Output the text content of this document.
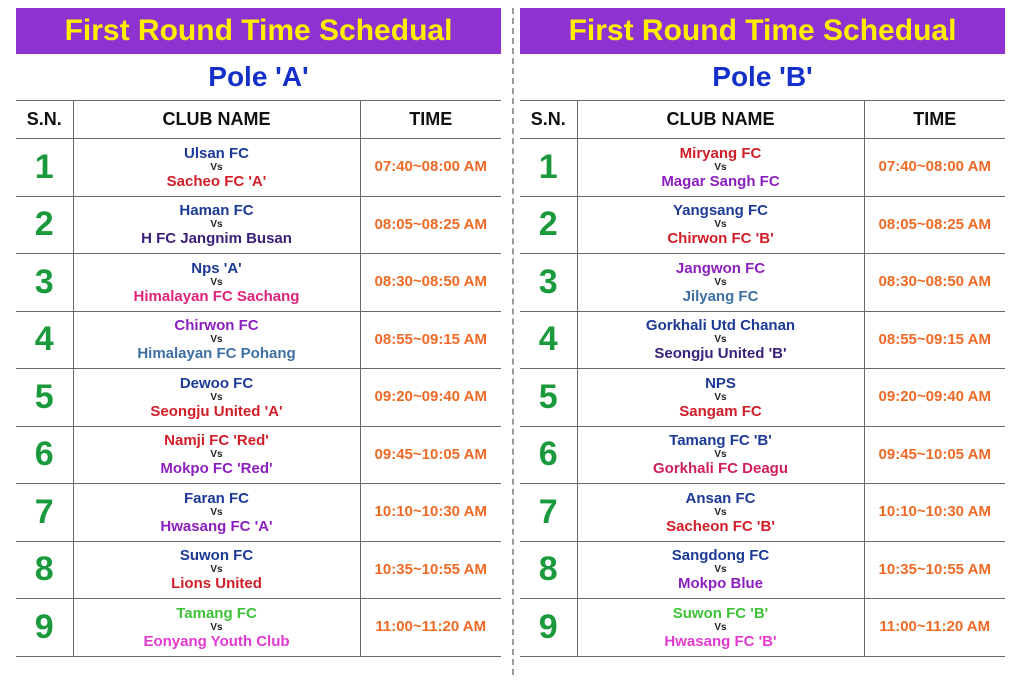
First Round Time Schedual
Pole 'A'
S.N.	CLUB NAME	TIME
1	Ulsan FC
Vs
Sacheo FC 'A'	07:40~08:00 AM
2	Haman FC
Vs
H FC Jangnim Busan	08:05~08:25 AM
3	Nps 'A'
Vs
Himalayan FC Sachang	08:30~08:50 AM
4	Chirwon FC
Vs
Himalayan FC Pohang	08:55~09:15 AM
5	Dewoo FC
Vs
Seongju United 'A'	09:20~09:40 AM
6	Namji FC 'Red'
Vs
Mokpo FC 'Red'	09:45~10:05 AM
7	Faran FC
Vs
Hwasang FC 'A'	10:10~10:30 AM
8	Suwon FC
Vs
Lions United	10:35~10:55 AM
9	Tamang FC
Vs
Eonyang Youth Club	11:00~11:20 AM
First Round Time Schedual
Pole 'B'
S.N.	CLUB NAME	TIME
1	Miryang FC
Vs
Magar Sangh FC	07:40~08:00 AM
2	Yangsang FC
Vs
Chirwon FC 'B'	08:05~08:25 AM
3	Jangwon FC
Vs
Jilyang FC	08:30~08:50 AM
4	Gorkhali Utd Chanan
Vs
Seongju United 'B'	08:55~09:15 AM
5	NPS
Vs
Sangam FC	09:20~09:40 AM
6	Tamang FC 'B'
Vs
Gorkhali FC Deagu	09:45~10:05 AM
7	Ansan FC
Vs
Sacheon FC 'B'	10:10~10:30 AM
8	Sangdong FC
Vs
Mokpo Blue	10:35~10:55 AM
9	Suwon FC 'B'
Vs
Hwasang FC 'B'	11:00~11:20 AM
